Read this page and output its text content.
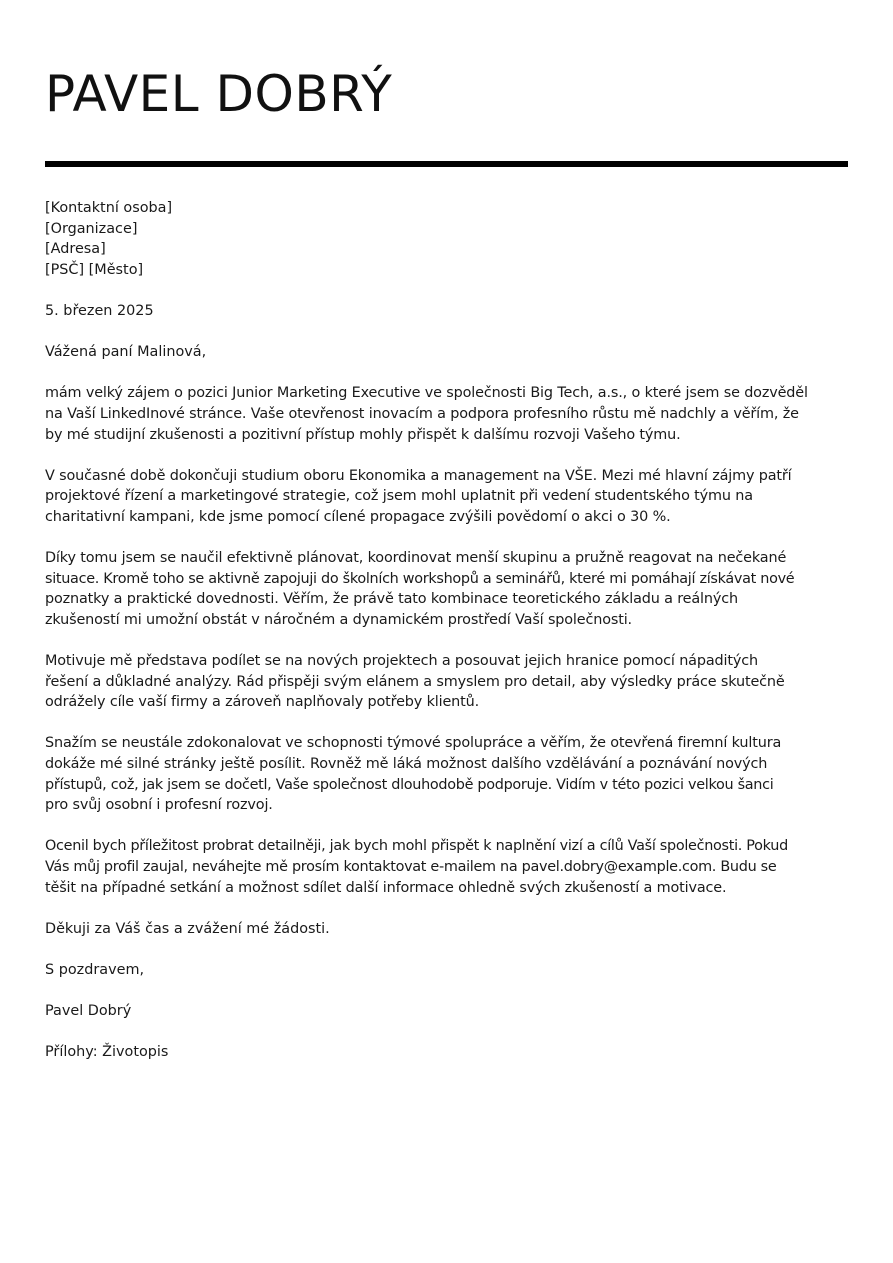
PAVEL DOBRÝ
[Kontaktní osoba]
[Organizace]
[Adresa]
[PSČ] [Město]

5. březen 2025

Vážená paní Malinová,

mám velký zájem o pozici Junior Marketing Executive ve společnosti Big Tech, a.s., o které jsem se dozvěděl
na Vaší LinkedInové stránce. Vaše otevřenost inovacím a podpora profesního růstu mě nadchly a věřím, že
by mé studijní zkušenosti a pozitivní přístup mohly přispět k dalšímu rozvoji Vašeho týmu.

V současné době dokončuji studium oboru Ekonomika a management na VŠE. Mezi mé hlavní zájmy patří
projektové řízení a marketingové strategie, což jsem mohl uplatnit při vedení studentského týmu na
charitativní kampani, kde jsme pomocí cílené propagace zvýšili povědomí o akci o 30 %.

Díky tomu jsem se naučil efektivně plánovat, koordinovat menší skupinu a pružně reagovat na nečekané
situace. Kromě toho se aktivně zapojuji do školních workshopů a seminářů, které mi pomáhají získávat nové
poznatky a praktické dovednosti. Věřím, že právě tato kombinace teoretického základu a reálných
zkušeností mi umožní obstát v náročném a dynamickém prostředí Vaší společnosti.

Motivuje mě představa podílet se na nových projektech a posouvat jejich hranice pomocí nápaditých
řešení a důkladné analýzy. Rád přispěji svým elánem a smyslem pro detail, aby výsledky práce skutečně
odrážely cíle vaší firmy a zároveň naplňovaly potřeby klientů.

Snažím se neustále zdokonalovat ve schopnosti týmové spolupráce a věřím, že otevřená firemní kultura
dokáže mé silné stránky ještě posílit. Rovněž mě láká možnost dalšího vzdělávání a poznávání nových
přístupů, což, jak jsem se dočetl, Vaše společnost dlouhodobě podporuje. Vidím v této pozici velkou šanci
pro svůj osobní i profesní rozvoj.

Ocenil bych příležitost probrat detailněji, jak bych mohl přispět k naplnění vizí a cílů Vaší společnosti. Pokud
Vás můj profil zaujal, neváhejte mě prosím kontaktovat e-mailem na pavel.dobry@example.com. Budu se
těšit na případné setkání a možnost sdílet další informace ohledně svých zkušeností a motivace.

Děkuji za Váš čas a zvážení mé žádosti.

S pozdravem,

Pavel Dobrý

Přílohy: Životopis
